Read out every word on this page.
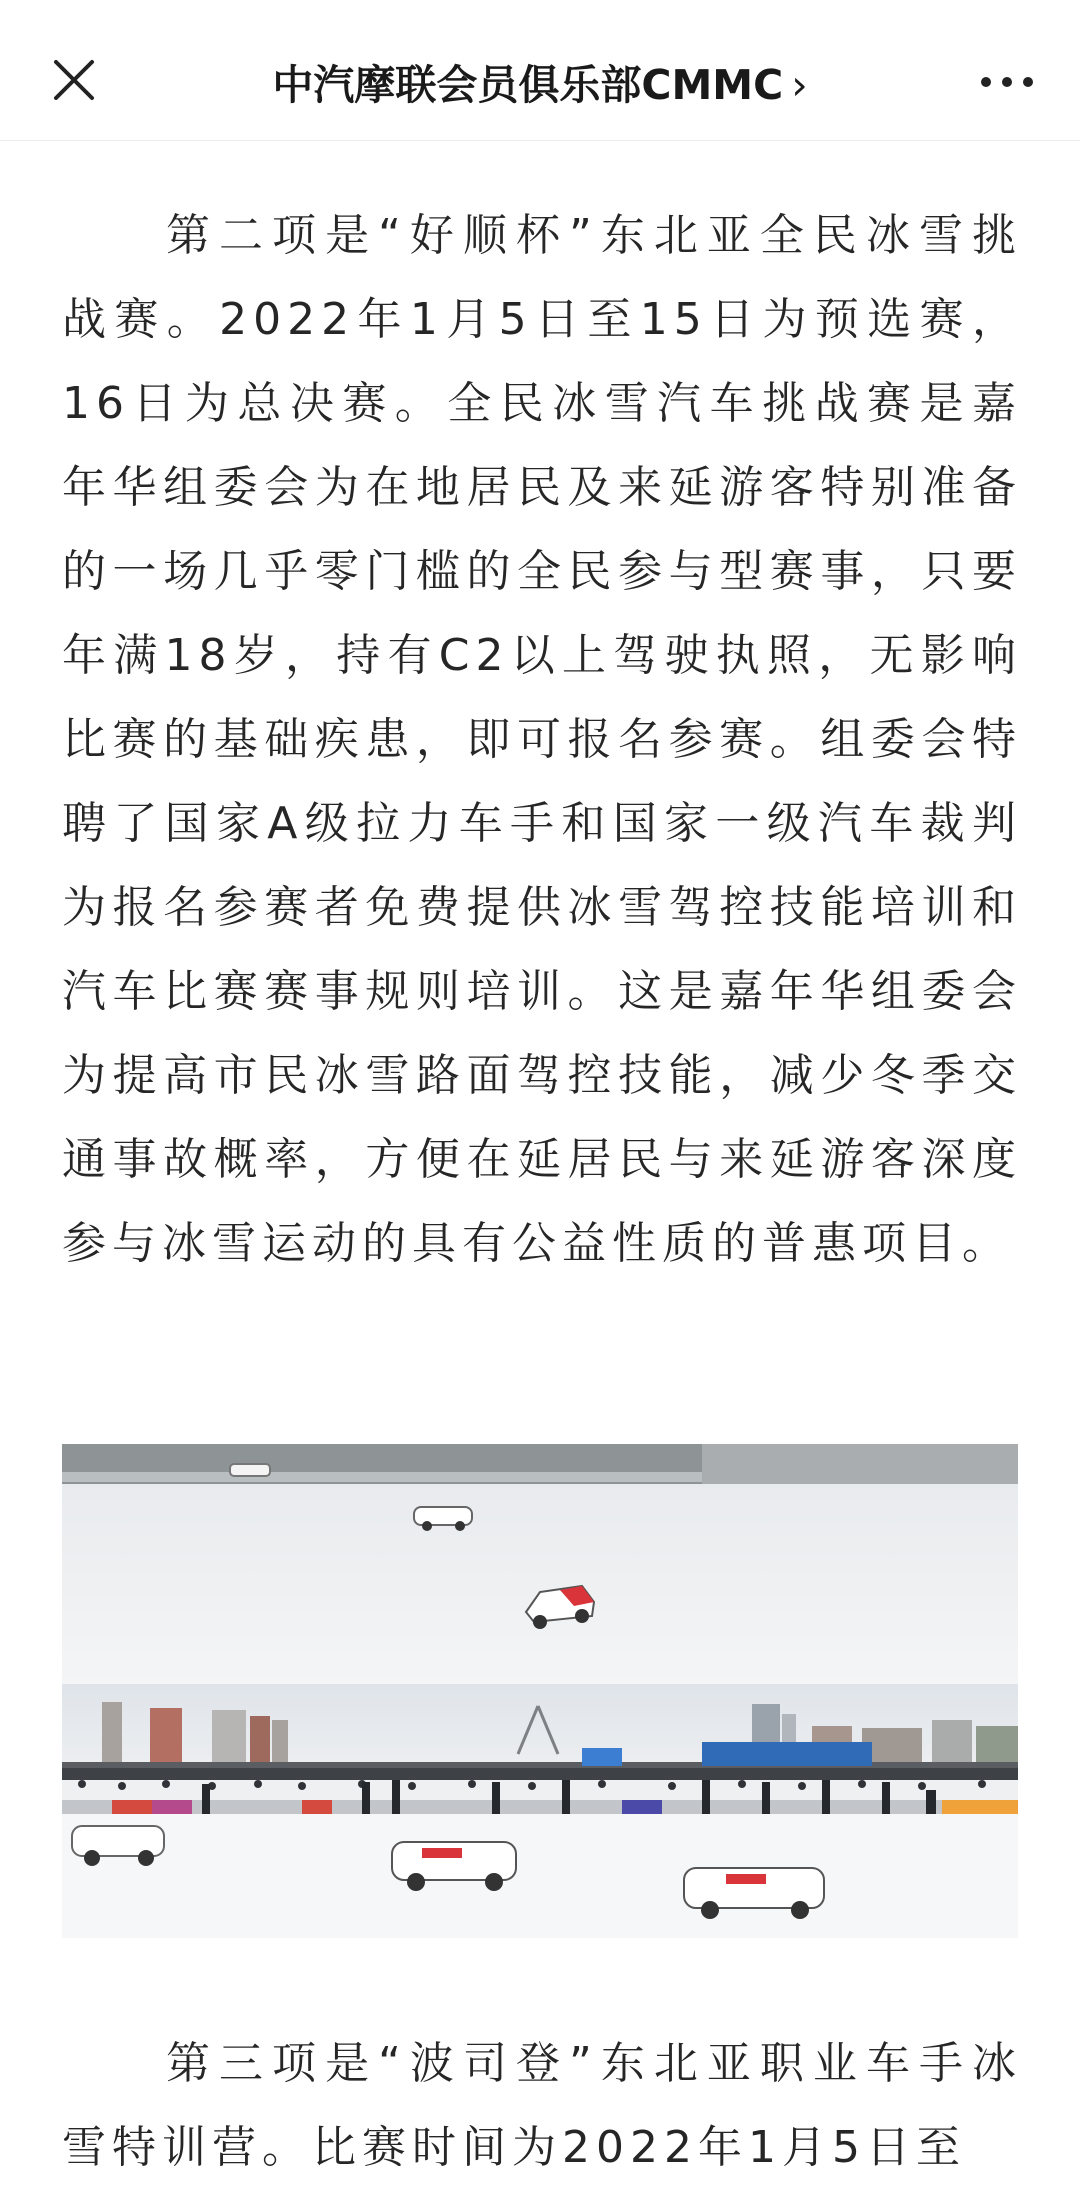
中汽摩联会员俱乐部CMMC ›

第二项是“好顺杯”东北亚全民冰雪挑战赛。2022年1月5日至15日为预选赛，16日为总决赛。全民冰雪汽车挑战赛是嘉年华组委会为在地居民及来延游客特别准备的一场几乎零门槛的全民参与型赛事，只要年满18岁，持有C2以上驾驶执照，无影响比赛的基础疾患，即可报名参赛。组委会特聘了国家A级拉力车手和国家一级汽车裁判为报名参赛者免费提供冰雪驾控技能培训和汽车比赛赛事规则培训。这是嘉年华组委会为提高市民冰雪路面驾控技能，减少冬季交通事故概率，方便在延居民与来延游客深度参与冰雪运动的具有公益性质的普惠项目。

第三项是“波司登”东北亚职业车手冰雪特训营。比赛时间为2022年1月5日至
